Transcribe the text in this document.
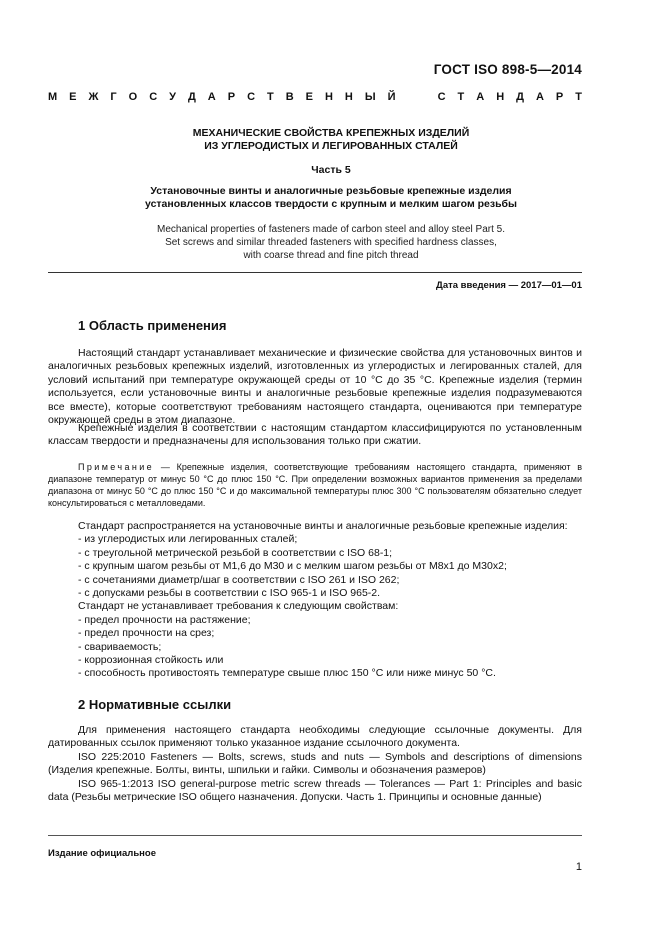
ГОСТ ISO 898-5—2014
М Е Ж Г О С У Д А Р С Т В Е Н Н Ы Й

	С Т А Н Д А Р Т
МЕХАНИЧЕСКИЕ СВОЙСТВА КРЕПЕЖНЫХ ИЗДЕЛИЙ
ИЗ УГЛЕРОДИСТЫХ И ЛЕГИРОВАННЫХ СТАЛЕЙ
Часть 5
Установочные винты и аналогичные резьбовые крепежные изделия
установленных классов твердости с крупным и мелким шагом резьбы
Mechanical properties of fasteners made of carbon steel and alloy steel Part 5.
Set screws and similar threaded fasteners with specified hardness classes,
with coarse thread and fine pitch thread
Дата введения — 2017—01—01
1 Область применения

Настоящий стандарт устанавливает механические и физические свойства для установочных винтов и аналогичных резьбовых крепежных изделий, изготовленных из углеродистых и легированных сталей, для условий испытаний при температуре окружающей среды от 10 °С до 35 °С. Крепежные изделия (термин используется, если установочные винты и аналогичные резьбовые крепежные изделия подразумеваются все вместе), которые соответствуют требованиям настоящего стандарта, оцениваются при температуре окружающей среды в этом диапазоне.

Крепежные изделия в соответствии с настоящим стандартом классифицируются по установленным классам твердости и предназначены для использования только при сжатии.

Примечание — Крепежные изделия, соответствующие требованиям настоящего стандарта, применяют в диапазоне температур от минус 50 °С до плюс 150 °С. При определении возможных вариантов применения за пределами диапазона от минус 50 °С до плюс 150 °С и до максимальной температуры плюс 300 °С пользователям обязательно следует консультироваться с металловедами.

Стандарт распространяется на установочные винты и аналогичные резьбовые крепежные изделия:

- из углеродистых или легированных сталей;
- с треугольной метрической резьбой в соответствии с ISO 68-1;
- с крупным шагом резьбы от М1,6 до М30 и с мелким шагом резьбы от М8х1 до М30х2;
- с сочетаниями диаметр/шаг в соответствии с ISO 261 и ISO 262;
- с допусками резьбы в соответствии с ISO 965-1 и ISO 965-2.

Стандарт не устанавливает требования к следующим свойствам:

- предел прочности на растяжение;
- предел прочности на срез;
- свариваемость;
- коррозионная стойкость или
- способность противостоять температуре свыше плюс 150 °С или ниже минус 50 °С.
2 Нормативные ссылки

Для применения настоящего стандарта необходимы следующие ссылочные документы. Для датированных ссылок применяют только указанное издание ссылочного документа.

ISO 225:2010 Fasteners — Bolts, screws, studs and nuts — Symbols and descriptions of dimensions (Изделия крепежные. Болты, винты, шпильки и гайки. Символы и обозначения размеров)

ISO 965-1:2013 ISO general-purpose metric screw threads — Tolerances — Part 1: Principles and basic data (Резьбы метрические ISO общего назначения. Допуски. Часть 1. Принципы и основные данные)

Издание официальное
1
